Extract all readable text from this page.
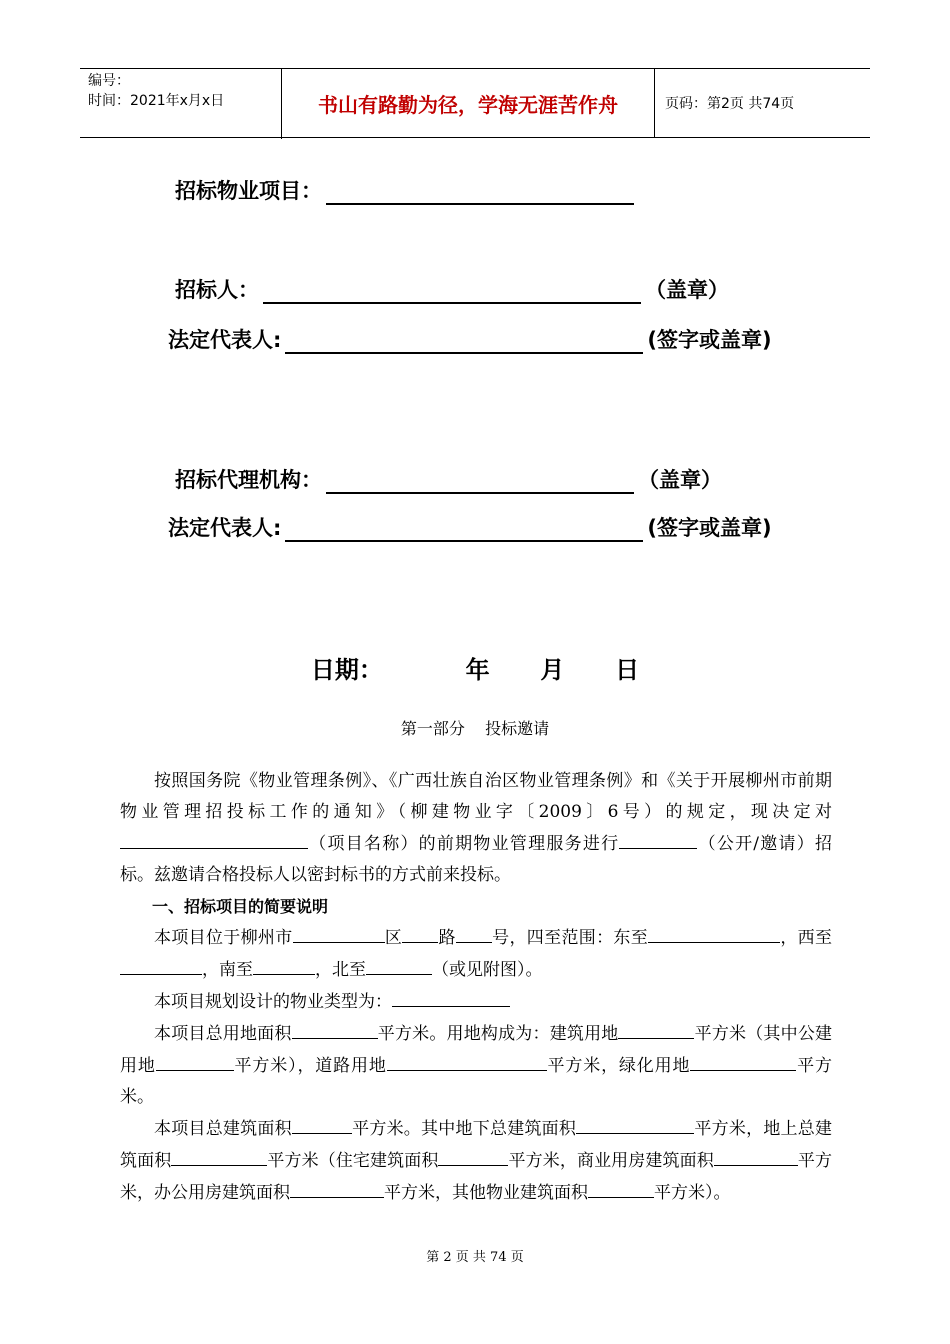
编号：
时间：2021年x月x日	书山有路勤为径，学海无涯苦作舟	页码：第2页 共74页
招标物业项目：
招标人：	（盖章）
法定代表人:	(签字或盖章)
招标代理机构：	（盖章）
法定代表人:	(签字或盖章)
日期：	年 月 日
第一部分    投标邀请

按照国务院《物业管理条例》、《广西壮族自治区物业管理条例》和《关于开展柳州市前期物业管理招投标工作的通知》（柳建物业字〔2009〕6号）的规定，现决定对（项目名称）的前期物业管理服务进行	（公开/邀请）招标。兹邀请合格投标人以密封标书的方式前来投标。

一、招标项目的简要说明

本项目位于柳州市	区 路 号，四至范围：东至	，西至，南至	，北至	（或见附图）。

本项目规划设计的物业类型为：

本项目总用地面积	平方米。用地构成为：建筑用地	平方米（其中公建用地	平方米），道路用地	平方米，绿化用地	平方米。

本项目总建筑面积	平方米。其中地下总建筑面积	平方米，地上总建筑面积	平方米（住宅建筑面积	平方米，商业用房建筑面积	平方米，办公用房建筑面积	平方米，其他物业建筑面积	平方米）。

第 2 页 共 74 页
